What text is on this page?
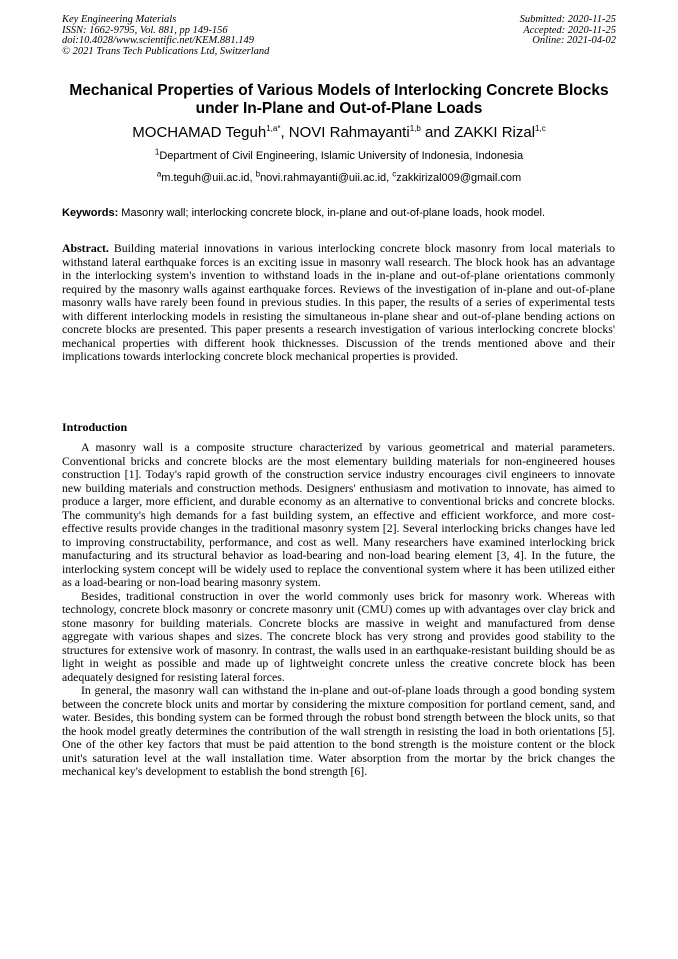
Key Engineering Materials
ISSN: 1662-9795, Vol. 881, pp 149-156
doi:10.4028/www.scientific.net/KEM.881.149
© 2021 Trans Tech Publications Ltd, Switzerland
Submitted: 2020-11-25
Accepted: 2020-11-25
Online: 2021-04-02
Mechanical Properties of Various Models of Interlocking Concrete Blocks under In-Plane and Out-of-Plane Loads
MOCHAMAD Teguh$^{1,a*}$, NOVI Rahmayanti$^{1,b}$ and ZAKKI Rizal$^{1,c}$
$^1$Department of Civil Engineering, Islamic University of Indonesia, Indonesia
$^a$m.teguh@uii.ac.id, $^b$novi.rahmayanti@uii.ac.id, $^c$zakkirizal009@gmail.com
Keywords: Masonry wall; interlocking concrete block, in-plane and out-of-plane loads, hook model.

Abstract. Building material innovations in various interlocking concrete block masonry from local materials to withstand lateral earthquake forces is an exciting issue in masonry wall research. The block hook has an advantage in the interlocking system's invention to withstand loads in the in-plane and out-of-plane orientations commonly required by the masonry walls against earthquake forces. Reviews of the investigation of in-plane and out-of-plane masonry walls have rarely been found in previous studies. In this paper, the results of a series of experimental tests with different interlocking models in resisting the simultaneous in-plane shear and out-of-plane bending actions on concrete blocks are presented. This paper presents a research investigation of various interlocking concrete blocks' mechanical properties with different hook thicknesses. Discussion of the trends mentioned above and their implications towards interlocking concrete block mechanical properties is provided.

Introduction

A masonry wall is a composite structure characterized by various geometrical and material parameters. Conventional bricks and concrete blocks are the most elementary building materials for non-engineered houses construction [1]. Today's rapid growth of the construction service industry encourages civil engineers to innovate new building materials and construction methods. Designers' enthusiasm and motivation to innovate, has aimed to produce a larger, more efficient, and durable economy as an alternative to conventional bricks and concrete blocks. The community's high demands for a fast building system, an effective and efficient workforce, and more cost-effective results provide changes in the traditional masonry system [2]. Several interlocking bricks changes have led to improving constructability, performance, and cost as well. Many researchers have examined interlocking brick manufacturing and its structural behavior as load-bearing and non-load bearing element [3, 4]. In the future, the interlocking system concept will be widely used to replace the conventional system where it has been utilized either as a load-bearing or non-load bearing masonry system.

Besides, traditional construction in over the world commonly uses brick for masonry work. Whereas with technology, concrete block masonry or concrete masonry unit (CMU) comes up with advantages over clay brick and stone masonry for building materials. Concrete blocks are massive in weight and manufactured from dense aggregate with various shapes and sizes. The concrete block has very strong and provides good stability to the structures for extensive work of masonry. In contrast, the walls used in an earthquake-resistant building should be as light in weight as possible and made up of lightweight concrete unless the creative concrete block has been adequately designed for resisting lateral forces.

In general, the masonry wall can withstand the in-plane and out-of-plane loads through a good bonding system between the concrete block units and mortar by considering the mixture composition for portland cement, sand, and water. Besides, this bonding system can be formed through the robust bond strength between the block units, so that the hook model greatly determines the contribution of the wall strength in resisting the load in both orientations [5]. One of the other key factors that must be paid attention to the bond strength is the moisture content or the block unit's saturation level at the wall installation time. Water absorption from the mortar by the brick changes the mechanical key's development to establish the bond strength [6].
